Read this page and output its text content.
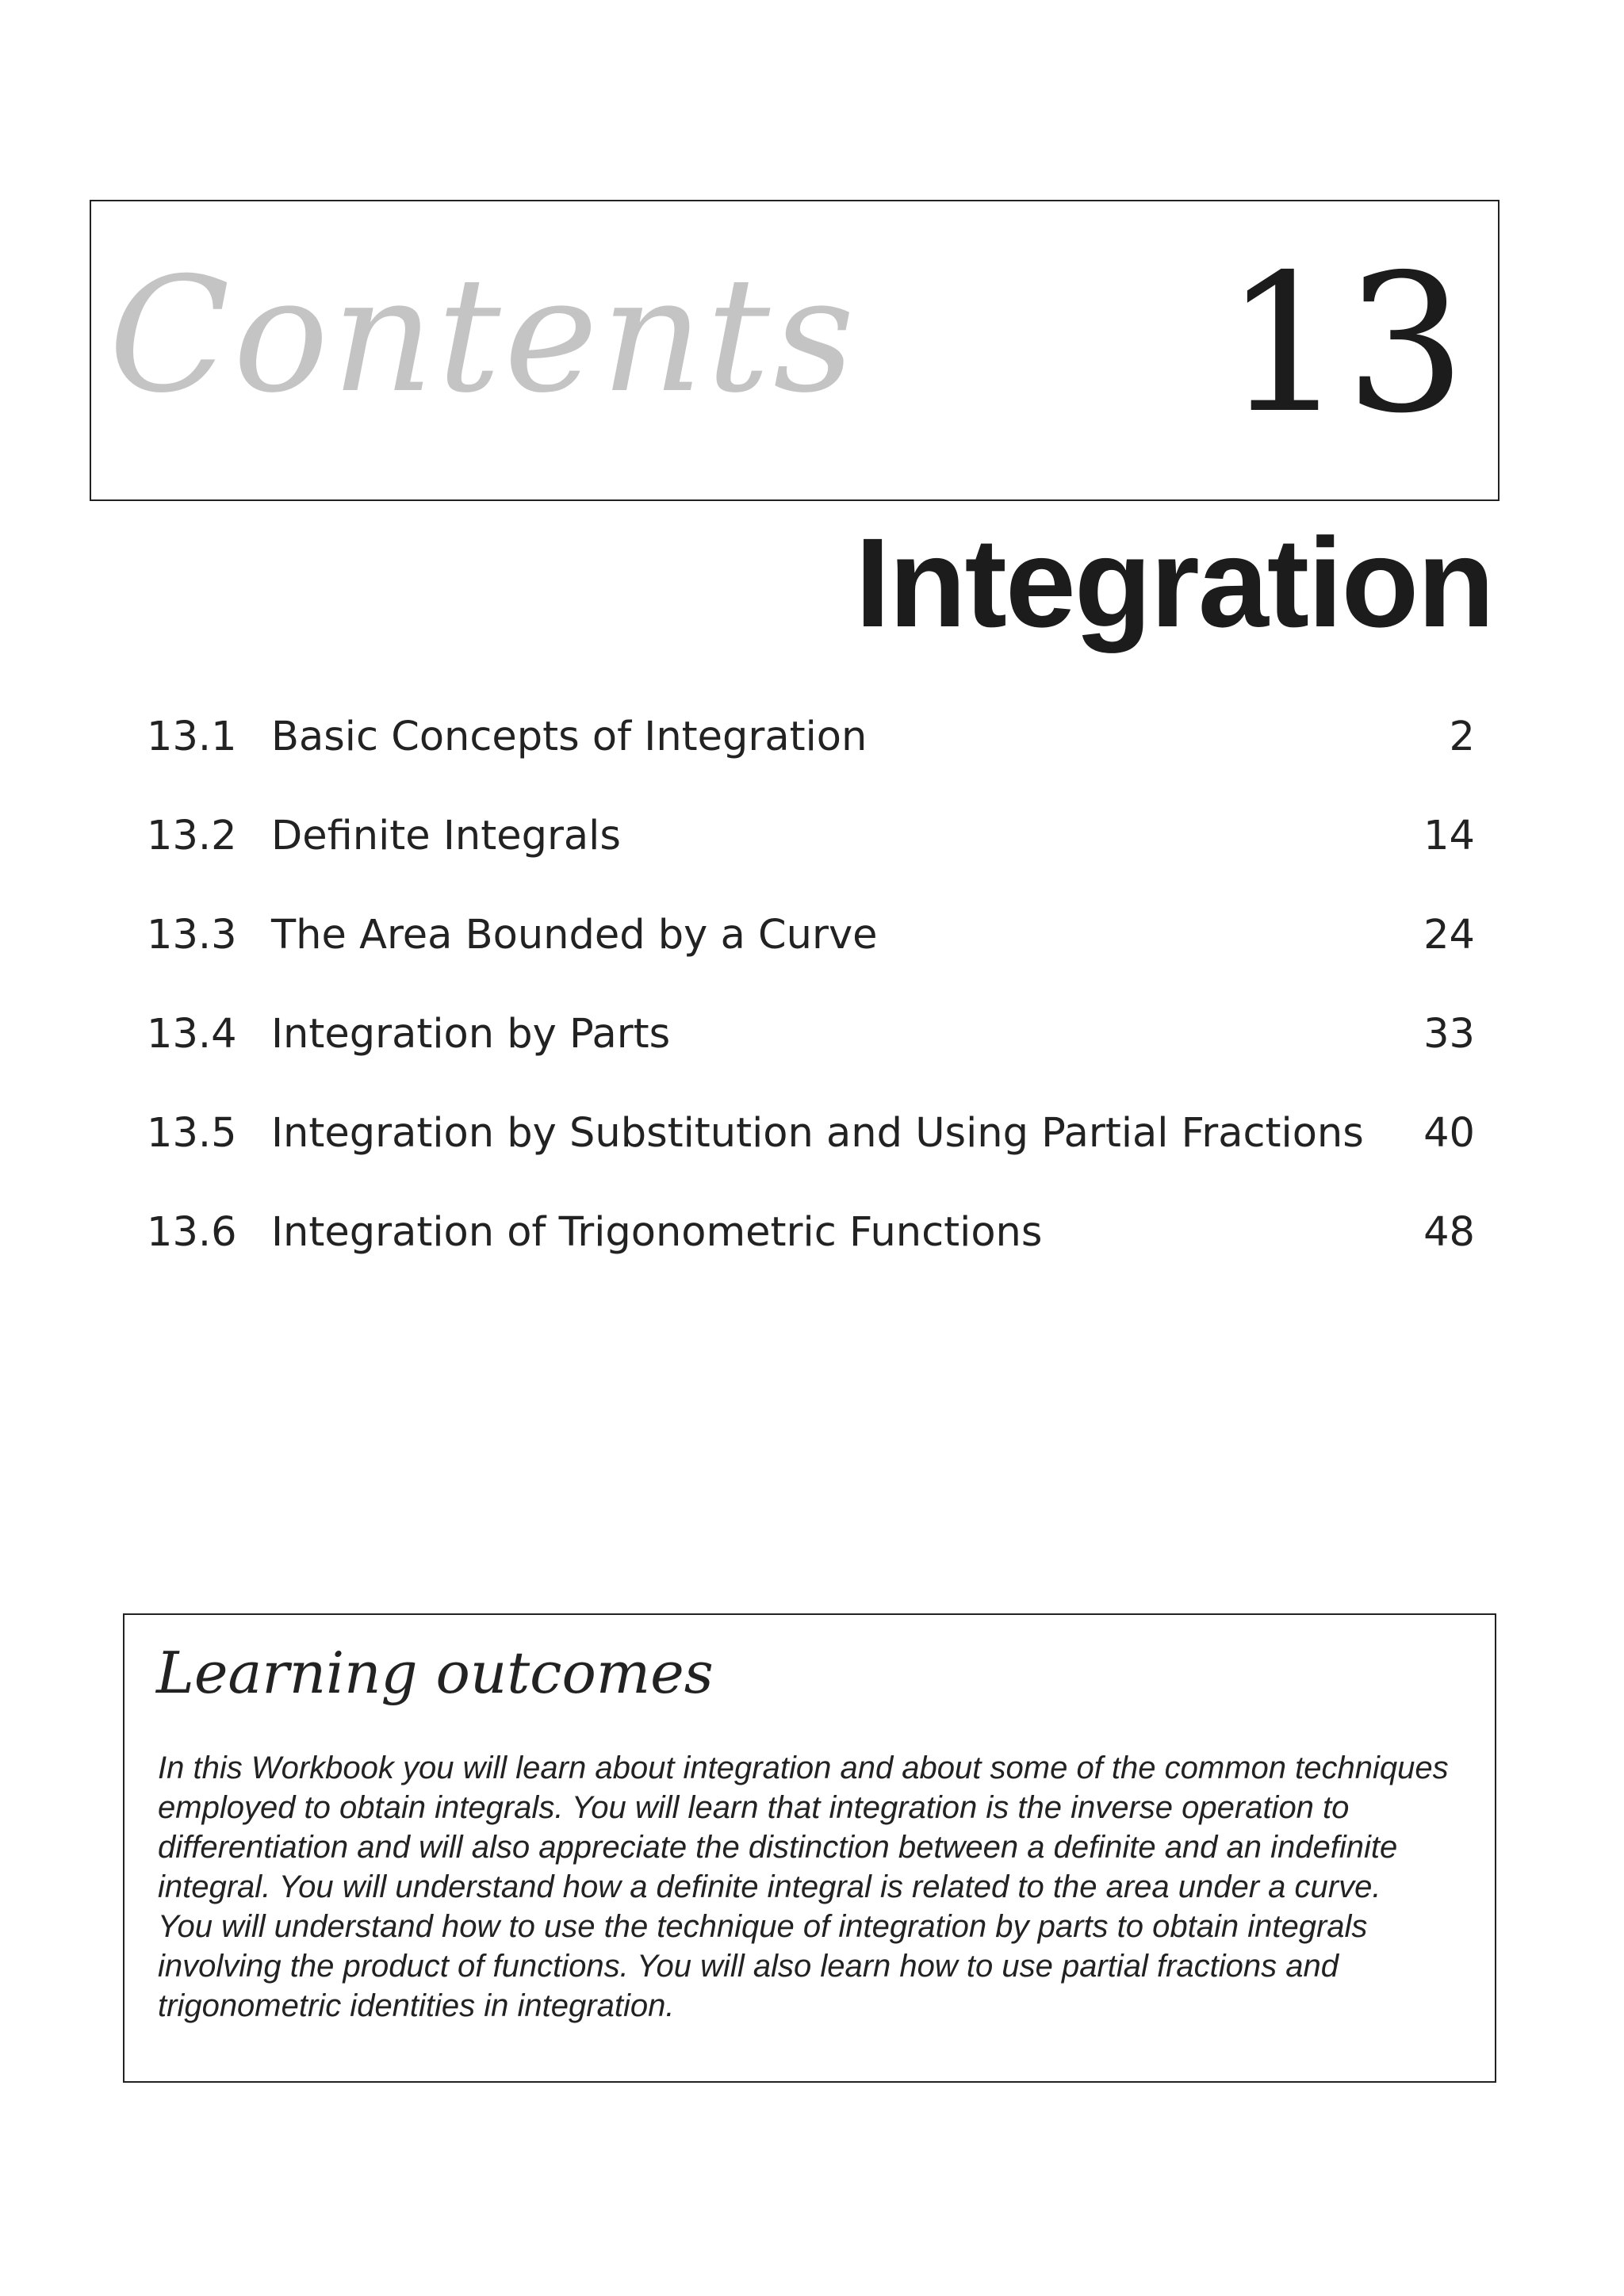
Contents 13
Integration
13.1 Basic Concepts of Integration	2
13.2 Definite Integrals	14
13.3 The Area Bounded by a Curve	24
13.4 Integration by Parts	33
13.5 Integration by Substitution and Using Partial Fractions 40
13.6 Integration of Trigonometric Functions	48
Learning outcomes
In this Workbook you will learn about integration and about some of the common techniques
employed to obtain integrals. You will learn that integration is the inverse operation to
differentiation and will also appreciate the distinction between a definite and an indefinite
integral. You will understand how a definite integral is related to the area under a curve.
You will understand how to use the technique of integration by parts to obtain integrals
involving the product of functions. You will also learn how to use partial fractions and
trigonometric identities in integration.
